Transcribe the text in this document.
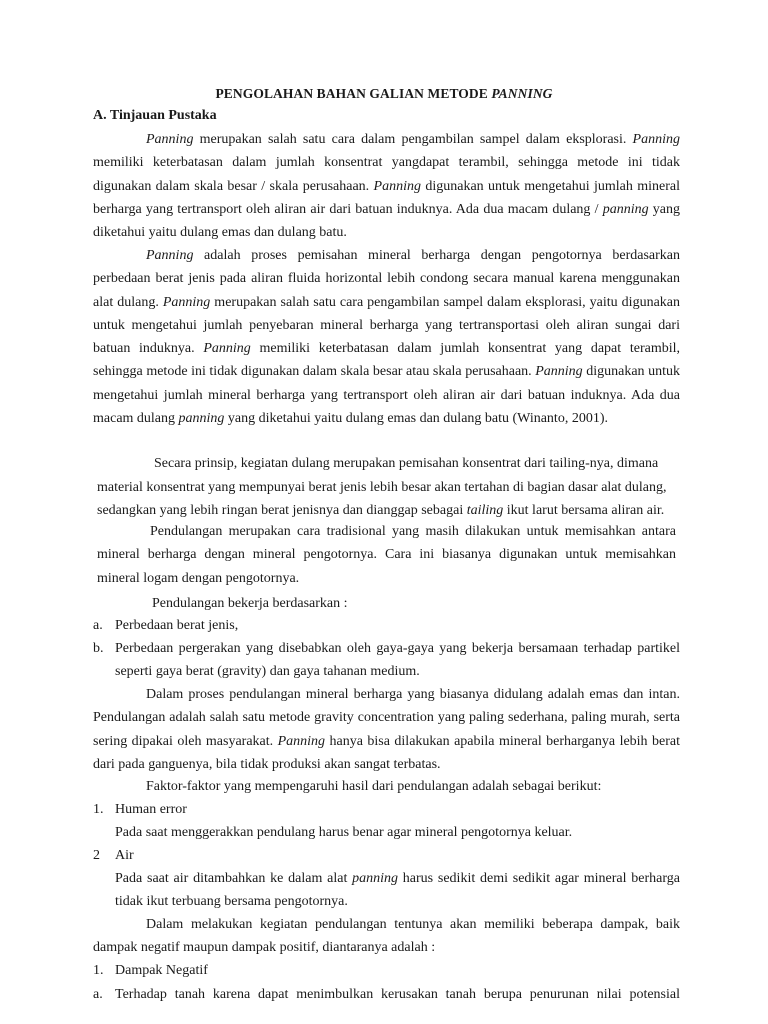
PENGOLAHAN BAHAN GALIAN METODE PANNING
A. Tinjauan Pustaka

Panning merupakan salah satu cara dalam pengambilan sampel dalam eksplorasi. Panning memiliki keterbatasan dalam jumlah konsentrat yangdapat terambil, sehingga metode ini tidak digunakan dalam skala besar / skala perusahaan. Panning digunakan untuk mengetahui jumlah mineral berharga yang tertransport oleh aliran air dari batuan induknya. Ada dua macam dulang / panning yang diketahui yaitu dulang emas dan dulang batu.

Panning adalah proses pemisahan mineral berharga dengan pengotornya berdasarkan perbedaan berat jenis pada aliran fluida horizontal lebih condong secara manual karena menggunakan alat dulang. Panning merupakan salah satu cara pengambilan sampel dalam eksplorasi, yaitu digunakan untuk mengetahui jumlah penyebaran mineral berharga yang tertransportasi oleh aliran sungai dari batuan induknya. Panning memiliki keterbatasan dalam jumlah konsentrat yang dapat terambil, sehingga metode ini tidak digunakan dalam skala besar atau skala perusahaan. Panning digunakan untuk mengetahui jumlah mineral berharga yang tertransport oleh aliran air dari batuan induknya. Ada dua macam dulang panning yang diketahui yaitu dulang emas dan dulang batu (Winanto, 2001).

Secara prinsip, kegiatan dulang merupakan pemisahan konsentrat dari tailing-nya, dimana
material konsentrat yang mempunyai berat jenis lebih besar akan tertahan di bagian dasar alat dulang,
sedangkan yang lebih ringan berat jenisnya dan dianggap sebagai tailing ikut larut bersama aliran air.

Pendulangan merupakan cara tradisional yang masih dilakukan untuk memisahkan antara mineral berharga dengan mineral pengotornya. Cara ini biasanya digunakan untuk memisahkan mineral logam dengan pengotornya.

Pendulangan bekerja berdasarkan :
a. Perbedaan berat jenis,

b. Perbedaan pergerakan yang disebabkan oleh gaya-gaya yang bekerja bersamaan terhadap partikel seperti gaya berat (gravity) dan gaya tahanan medium.

Dalam proses pendulangan mineral berharga yang biasanya didulang adalah emas dan intan. Pendulangan adalah salah satu metode gravity concentration yang paling sederhana, paling murah, serta sering dipakai oleh masyarakat. Panning hanya bisa dilakukan apabila mineral berharganya lebih berat dari pada ganguenya, bila tidak produksi akan sangat terbatas.

Faktor-faktor yang mempengaruhi hasil dari pendulangan adalah sebagai berikut:
1. Human error
Pada saat menggerakkan pendulang harus benar agar mineral pengotornya keluar.
2 Air

Pada saat air ditambahkan ke dalam alat panning harus sedikit demi sedikit agar mineral berharga tidak ikut terbuang bersama pengotornya.

Dalam melakukan kegiatan pendulangan tentunya akan memiliki beberapa dampak, baik dampak negatif maupun dampak positif, diantaranya adalah :

1. Dampak Negatif
a. Terhadap tanah karena dapat menimbulkan kerusakan tanah berupa penurunan nilai potensial
